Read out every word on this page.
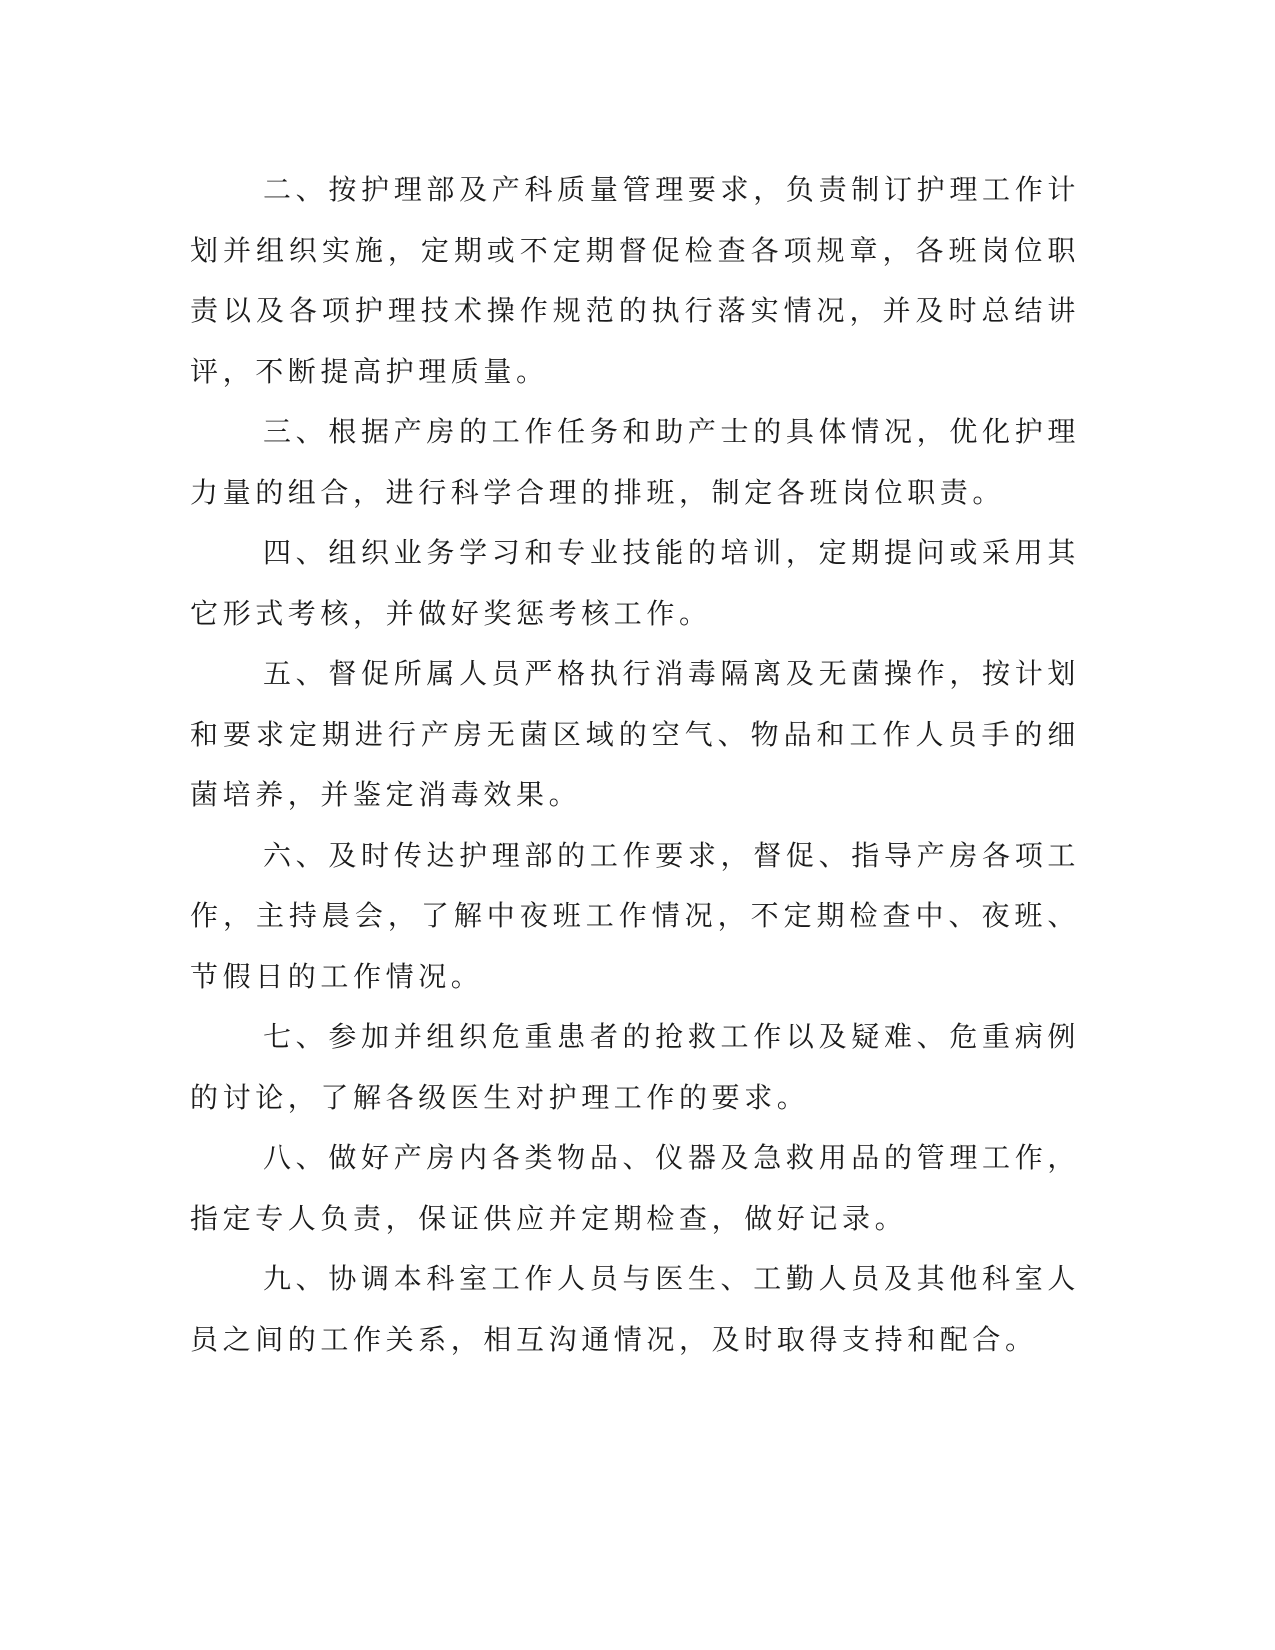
二、按护理部及产科质量管理要求，负责制订护理工作计划并组织实施，定期或不定期督促检查各项规章，各班岗位职责以及各项护理技术操作规范的执行落实情况，并及时总结讲评，不断提高护理质量。

三、根据产房的工作任务和助产士的具体情况，优化护理力量的组合，进行科学合理的排班，制定各班岗位职责。

四、组织业务学习和专业技能的培训，定期提问或采用其它形式考核，并做好奖惩考核工作。

五、督促所属人员严格执行消毒隔离及无菌操作，按计划和要求定期进行产房无菌区域的空气、物品和工作人员手的细菌培养，并鉴定消毒效果。

六、及时传达护理部的工作要求，督促、指导产房各项工作，主持晨会，了解中夜班工作情况，不定期检查中、夜班、节假日的工作情况。

七、参加并组织危重患者的抢救工作以及疑难、危重病例的讨论，了解各级医生对护理工作的要求。

八、做好产房内各类物品、仪器及急救用品的管理工作，指定专人负责，保证供应并定期检查，做好记录。

九、协调本科室工作人员与医生、工勤人员及其他科室人员之间的工作关系，相互沟通情况，及时取得支持和配合。
